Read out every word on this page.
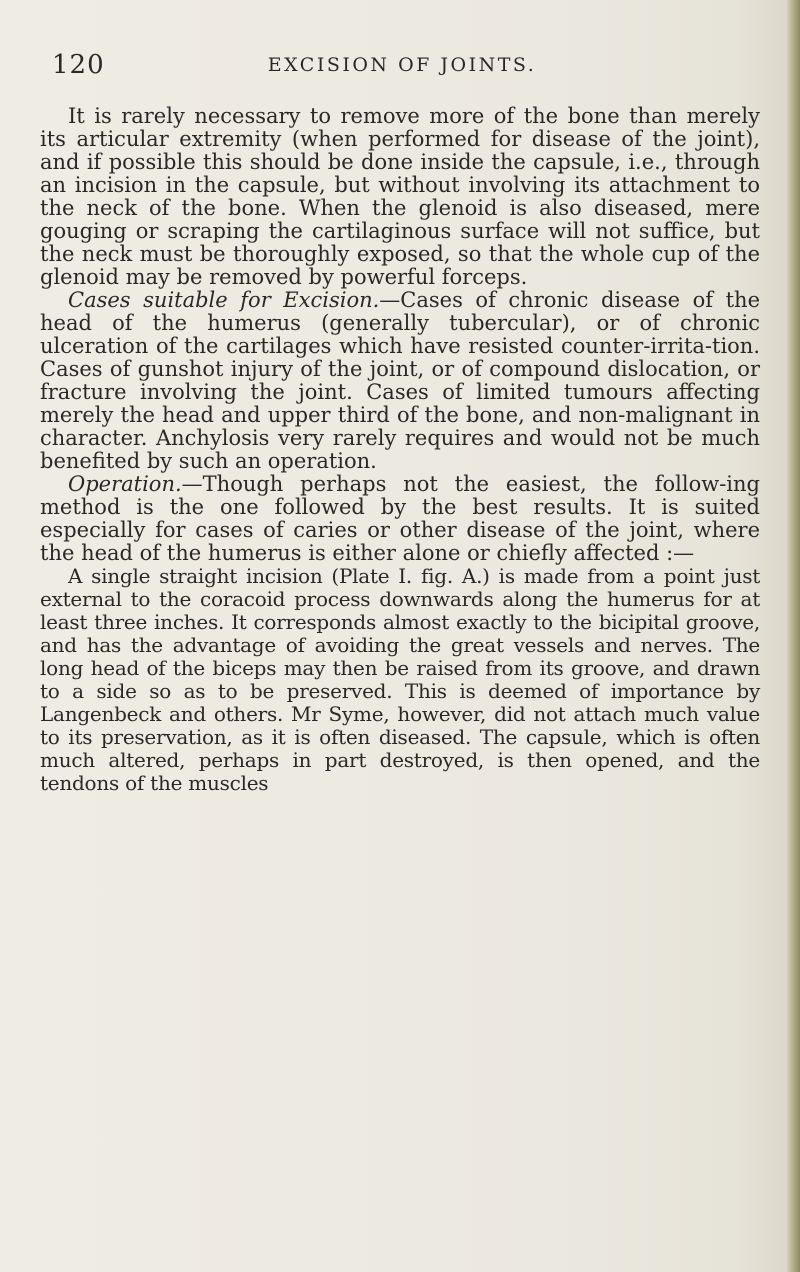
120	EXCISION OF JOINTS.

It is rarely necessary to remove more of the bone than merely its articular extremity (when performed for disease of the joint), and if possible this should be done inside the capsule, i.e., through an incision in the capsule, but without involving its attachment to the neck of the bone. When the glenoid is also diseased, mere gouging or scraping the cartilaginous surface will not suffice, but the neck must be thoroughly exposed, so that the whole cup of the glenoid may be removed by powerful forceps.

Cases suitable for Excision.—Cases of chronic disease of the head of the humerus (generally tubercular), or of chronic ulceration of the cartilages which have resisted counter-irrita-tion. Cases of gunshot injury of the joint, or of compound dislocation, or fracture involving the joint. Cases of limited tumours affecting merely the head and upper third of the bone, and non-malignant in character. Anchylosis very rarely requires and would not be much benefited by such an operation.

Operation.—Though perhaps not the easiest, the follow-ing method is the one followed by the best results. It is suited especially for cases of caries or other disease of the joint, where the head of the humerus is either alone or chiefly affected :—

A single straight incision (Plate I. fig. A.) is made from a point just external to the coracoid process downwards along the humerus for at least three inches. It corresponds almost exactly to the bicipital groove, and has the advantage of avoiding the great vessels and nerves. The long head of the biceps may then be raised from its groove, and drawn to a side so as to be preserved. This is deemed of importance by Langenbeck and others. Mr Syme, however, did not attach much value to its preservation, as it is often diseased. The capsule, which is often much altered, perhaps in part destroyed, is then opened, and the tendons of the muscles
